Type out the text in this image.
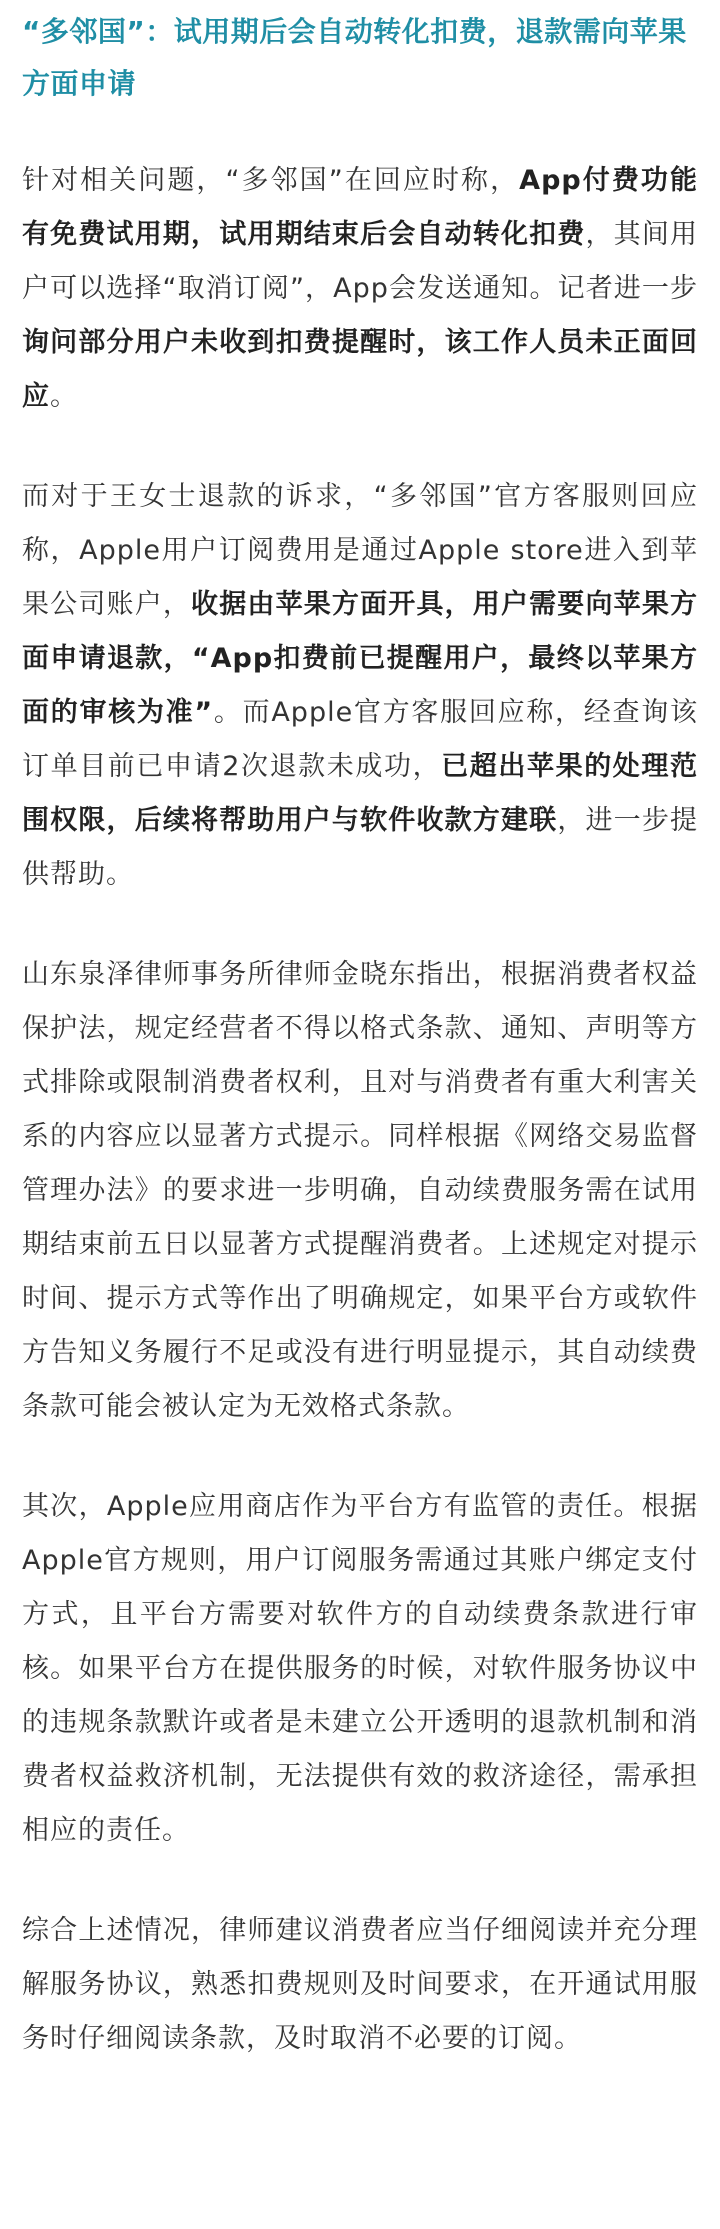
“多邻国”：试用期后会自动转化扣费，退款需向苹果方面申请

针对相关问题，“多邻国”在回应时称，App付费功能有免费试用期，试用期结束后会自动转化扣费，其间用户可以选择“取消订阅”，App会发送通知。记者进一步询问部分用户未收到扣费提醒时，该工作人员未正面回应。

而对于王女士退款的诉求，“多邻国”官方客服则回应称，Apple用户订阅费用是通过Apple store进入到苹果公司账户，收据由苹果方面开具，用户需要向苹果方面申请退款，“App扣费前已提醒用户，最终以苹果方面的审核为准”。而Apple官方客服回应称，经查询该订单目前已申请2次退款未成功，已超出苹果的处理范围权限，后续将帮助用户与软件收款方建联，进一步提供帮助。

山东泉泽律师事务所律师金晓东指出，根据消费者权益保护法，规定经营者不得以格式条款、通知、声明等方式排除或限制消费者权利，且对与消费者有重大利害关系的内容应以显著方式提示。同样根据《网络交易监督管理办法》的要求进一步明确，自动续费服务需在试用期结束前五日以显著方式提醒消费者。上述规定对提示时间、提示方式等作出了明确规定，如果平台方或软件方告知义务履行不足或没有进行明显提示，其自动续费条款可能会被认定为无效格式条款。

其次，Apple应用商店作为平台方有监管的责任。根据Apple官方规则，用户订阅服务需通过其账户绑定支付方式，且平台方需要对软件方的自动续费条款进行审核。如果平台方在提供服务的时候，对软件服务协议中的违规条款默许或者是未建立公开透明的退款机制和消费者权益救济机制，无法提供有效的救济途径，需承担相应的责任。

综合上述情况，律师建议消费者应当仔细阅读并充分理解服务协议，熟悉扣费规则及时间要求，在开通试用服务时仔细阅读条款，及时取消不必要的订阅。
